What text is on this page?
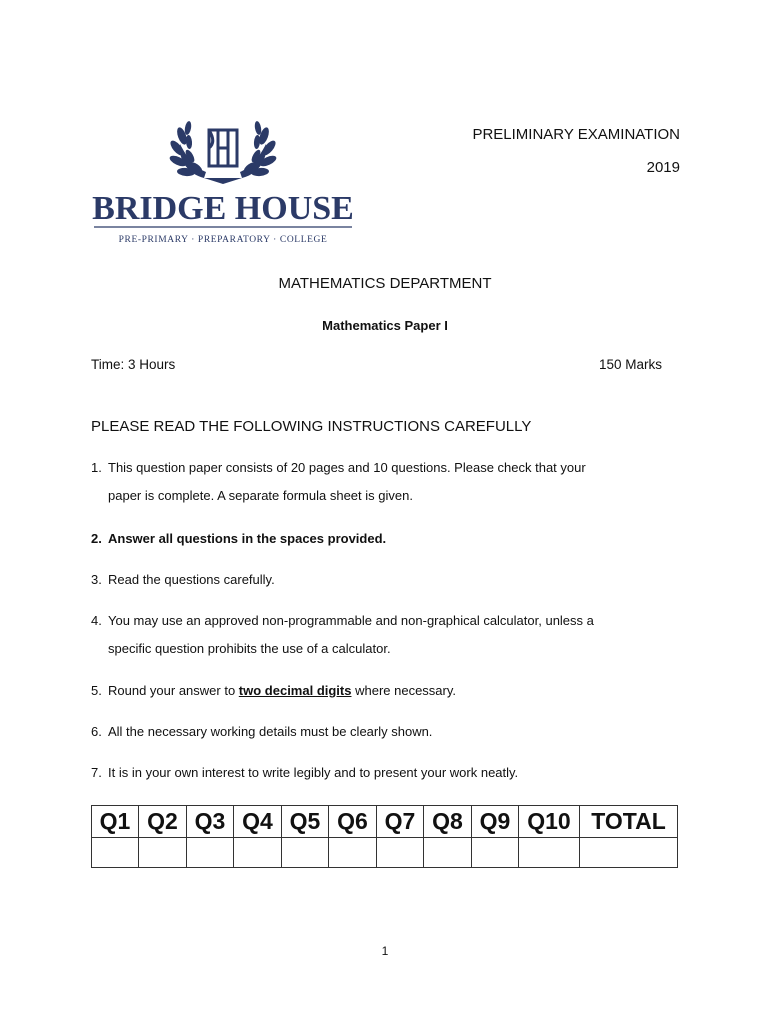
BRIDGE HOUSE
PRE-PRIMARY · PREPARATORY · COLLEGE
PRELIMINARY EXAMINATION
2019
MATHEMATICS DEPARTMENT
Mathematics Paper I
Time: 3 Hours	150 Marks
PLEASE READ THE FOLLOWING INSTRUCTIONS CAREFULLY
1. This question paper consists of 20 pages and 10 questions. Please check that your
paper is complete. A separate formula sheet is given.
2. Answer all questions in the spaces provided.
3. Read the questions carefully.
4. You may use an approved non-programmable and non-graphical calculator, unless a
specific question prohibits the use of a calculator.
5. Round your answer to two decimal digits where necessary.
6. All the necessary working details must be clearly shown.
7. It is in your own interest to write legibly and to present your work neatly.
Q1	Q2	Q3	Q4	Q5	Q6	Q7	Q8	Q9	Q10	TOTAL

1
